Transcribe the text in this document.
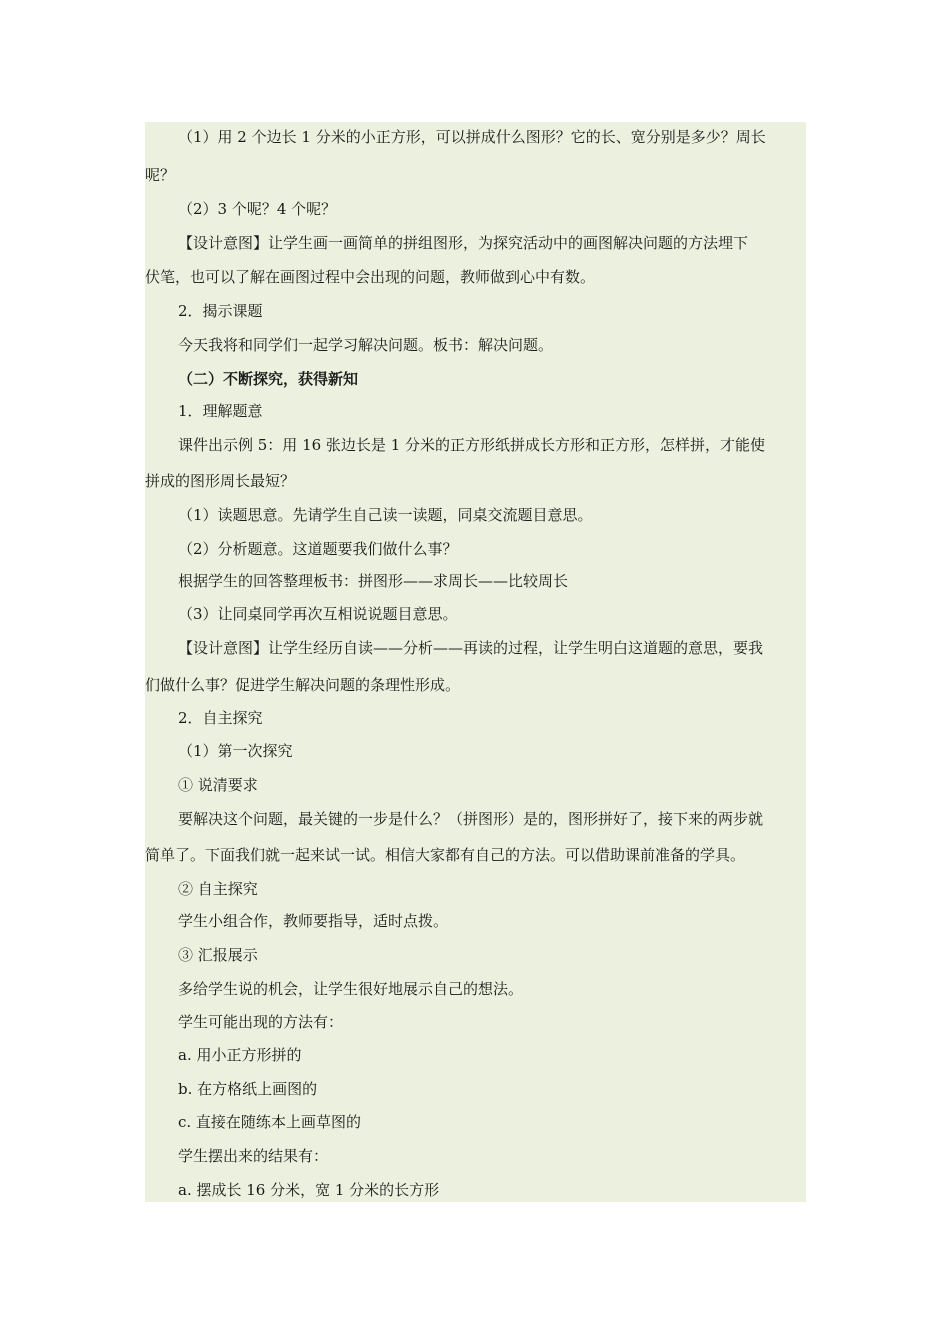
（1）用 2 个边长 1 分米的小正方形，可以拼成什么图形？它的长、宽分别是多少？周长
呢？
（2）3 个呢？4 个呢？
【设计意图】让学生画一画简单的拼组图形，为探究活动中的画图解决问题的方法埋下
伏笔，也可以了解在画图过程中会出现的问题，教师做到心中有数。
2．揭示课题
今天我将和同学们一起学习解决问题。板书：解决问题。
（二）不断探究，获得新知
1．理解题意
课件出示例 5：用 16 张边长是 1 分米的正方形纸拼成长方形和正方形，怎样拼，才能使
拼成的图形周长最短？
（1）读题思意。先请学生自己读一读题，同桌交流题目意思。
（2）分析题意。这道题要我们做什么事？
根据学生的回答整理板书：拼图形——求周长——比较周长
（3）让同桌同学再次互相说说题目意思。
【设计意图】让学生经历自读——分析——再读的过程，让学生明白这道题的意思，要我
们做什么事？促进学生解决问题的条理性形成。
2．自主探究
（1）第一次探究
① 说清要求
要解决这个问题，最关键的一步是什么？（拼图形）是的，图形拼好了，接下来的两步就
简单了。下面我们就一起来试一试。相信大家都有自己的方法。可以借助课前准备的学具。
② 自主探究
学生小组合作，教师要指导，适时点拨。
③ 汇报展示
多给学生说的机会，让学生很好地展示自己的想法。
学生可能出现的方法有：
a. 用小正方形拼的
b. 在方格纸上画图的
c. 直接在随练本上画草图的
学生摆出来的结果有：
a. 摆成长 16 分米，宽 1 分米的长方形
